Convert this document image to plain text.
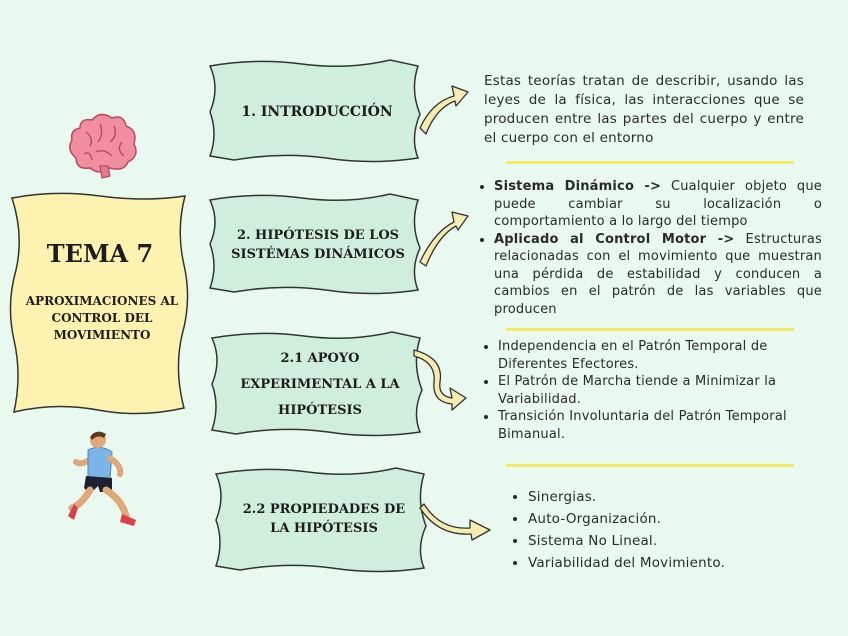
TEMA 7
APROXIMACIONES AL CONTROL DEL MOVIMIENTO
1. INTRODUCCIÓN
2. HIPÓTESIS DE LOS SISTÉMAS DINÁMICOS
2.1 APOYO EXPERIMENTAL A LA HIPÓTESIS
2.2 PROPIEDADES DE LA HIPÓTESIS
Estas teorías tratan de describir, usando las leyes de la física, las interacciones que se producen entre las partes del cuerpo y entre el cuerpo con el entorno
• Sistema Dinámico -> Cualquier objeto que puede cambiar su localización o comportamiento a lo largo del tiempo
• Aplicado al Control Motor -> Estructuras relacionadas con el movimiento que muestran una pérdida de estabilidad y conducen a cambios en el patrón de las variables que producen
• Independencia en el Patrón Temporal de Diferentes Efectores.
• El Patrón de Marcha tiende a Minimizar la Variabilidad.
• Transición Involuntaria del Patrón Temporal Bimanual.
• Sinergias.
• Auto-Organización.
• Sistema No Lineal.
• Variabilidad del Movimiento.
